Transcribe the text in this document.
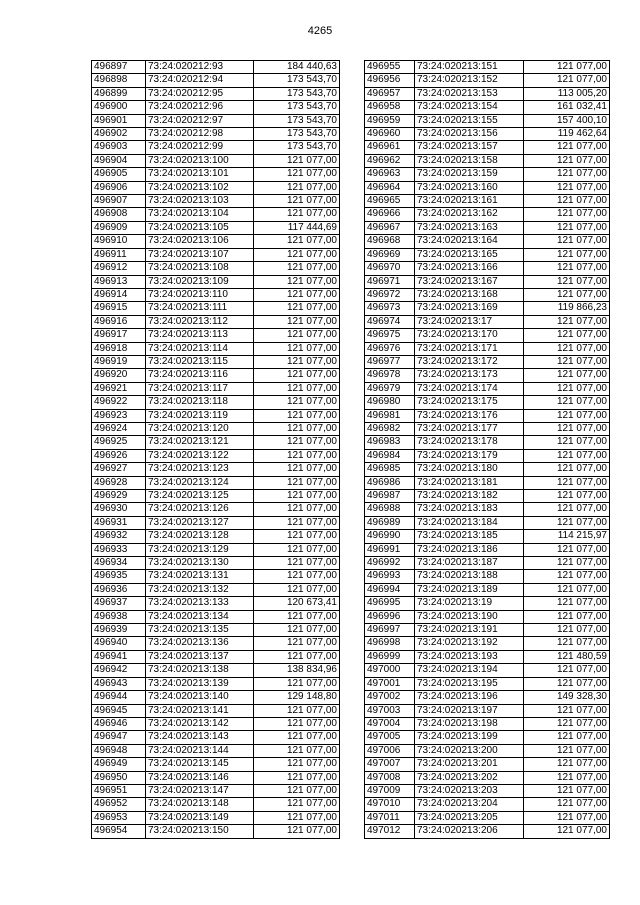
4265
496897	73:24:020212:93	184 440,63
496898	73:24:020212:94	173 543,70
496899	73:24:020212:95	173 543,70
496900	73:24:020212:96	173 543,70
496901	73:24:020212:97	173 543,70
496902	73:24:020212:98	173 543,70
496903	73:24:020212:99	173 543,70
496904	73:24:020213:100	121 077,00
496905	73:24:020213:101	121 077,00
496906	73:24:020213:102	121 077,00
496907	73:24:020213:103	121 077,00
496908	73:24:020213:104	121 077,00
496909	73:24:020213:105	117 444,69
496910	73:24:020213:106	121 077,00
496911	73:24:020213:107	121 077,00
496912	73:24:020213:108	121 077,00
496913	73:24:020213:109	121 077,00
496914	73:24:020213:110	121 077,00
496915	73:24:020213:111	121 077,00
496916	73:24:020213:112	121 077,00
496917	73:24:020213:113	121 077,00
496918	73:24:020213:114	121 077,00
496919	73:24:020213:115	121 077,00
496920	73:24:020213:116	121 077,00
496921	73:24:020213:117	121 077,00
496922	73:24:020213:118	121 077,00
496923	73:24:020213:119	121 077,00
496924	73:24:020213:120	121 077,00
496925	73:24:020213:121	121 077,00
496926	73:24:020213:122	121 077,00
496927	73:24:020213:123	121 077,00
496928	73:24:020213:124	121 077,00
496929	73:24:020213:125	121 077,00
496930	73:24:020213:126	121 077,00
496931	73:24:020213:127	121 077,00
496932	73:24:020213:128	121 077,00
496933	73:24:020213:129	121 077,00
496934	73:24:020213:130	121 077,00
496935	73:24:020213:131	121 077,00
496936	73:24:020213:132	121 077,00
496937	73:24:020213:133	120 673,41
496938	73:24:020213:134	121 077,00
496939	73:24:020213:135	121 077,00
496940	73:24:020213:136	121 077,00
496941	73:24:020213:137	121 077,00
496942	73:24:020213:138	138 834,96
496943	73:24:020213:139	121 077,00
496944	73:24:020213:140	129 148,80
496945	73:24:020213:141	121 077,00
496946	73:24:020213:142	121 077,00
496947	73:24:020213:143	121 077,00
496948	73:24:020213:144	121 077,00
496949	73:24:020213:145	121 077,00
496950	73:24:020213:146	121 077,00
496951	73:24:020213:147	121 077,00
496952	73:24:020213:148	121 077,00
496953	73:24:020213:149	121 077,00
496954	73:24:020213:150	121 077,00
496955	73:24:020213:151	121 077,00
496956	73:24:020213:152	121 077,00
496957	73:24:020213:153	113 005,20
496958	73:24:020213:154	161 032,41
496959	73:24:020213:155	157 400,10
496960	73:24:020213:156	119 462,64
496961	73:24:020213:157	121 077,00
496962	73:24:020213:158	121 077,00
496963	73:24:020213:159	121 077,00
496964	73:24:020213:160	121 077,00
496965	73:24:020213:161	121 077,00
496966	73:24:020213:162	121 077,00
496967	73:24:020213:163	121 077,00
496968	73:24:020213:164	121 077,00
496969	73:24:020213:165	121 077,00
496970	73:24:020213:166	121 077,00
496971	73:24:020213:167	121 077,00
496972	73:24:020213:168	121 077,00
496973	73:24:020213:169	119 866,23
496974	73:24:020213:17	121 077,00
496975	73:24:020213:170	121 077,00
496976	73:24:020213:171	121 077,00
496977	73:24:020213:172	121 077,00
496978	73:24:020213:173	121 077,00
496979	73:24:020213:174	121 077,00
496980	73:24:020213:175	121 077,00
496981	73:24:020213:176	121 077,00
496982	73:24:020213:177	121 077,00
496983	73:24:020213:178	121 077,00
496984	73:24:020213:179	121 077,00
496985	73:24:020213:180	121 077,00
496986	73:24:020213:181	121 077,00
496987	73:24:020213:182	121 077,00
496988	73:24:020213:183	121 077,00
496989	73:24:020213:184	121 077,00
496990	73:24:020213:185	114 215,97
496991	73:24:020213:186	121 077,00
496992	73:24:020213:187	121 077,00
496993	73:24:020213:188	121 077,00
496994	73:24:020213:189	121 077,00
496995	73:24:020213:19	121 077,00
496996	73:24:020213:190	121 077,00
496997	73:24:020213:191	121 077,00
496998	73:24:020213:192	121 077,00
496999	73:24:020213:193	121 480,59
497000	73:24:020213:194	121 077,00
497001	73:24:020213:195	121 077,00
497002	73:24:020213:196	149 328,30
497003	73:24:020213:197	121 077,00
497004	73:24:020213:198	121 077,00
497005	73:24:020213:199	121 077,00
497006	73:24:020213:200	121 077,00
497007	73:24:020213:201	121 077,00
497008	73:24:020213:202	121 077,00
497009	73:24:020213:203	121 077,00
497010	73:24:020213:204	121 077,00
497011	73:24:020213:205	121 077,00
497012	73:24:020213:206	121 077,00
